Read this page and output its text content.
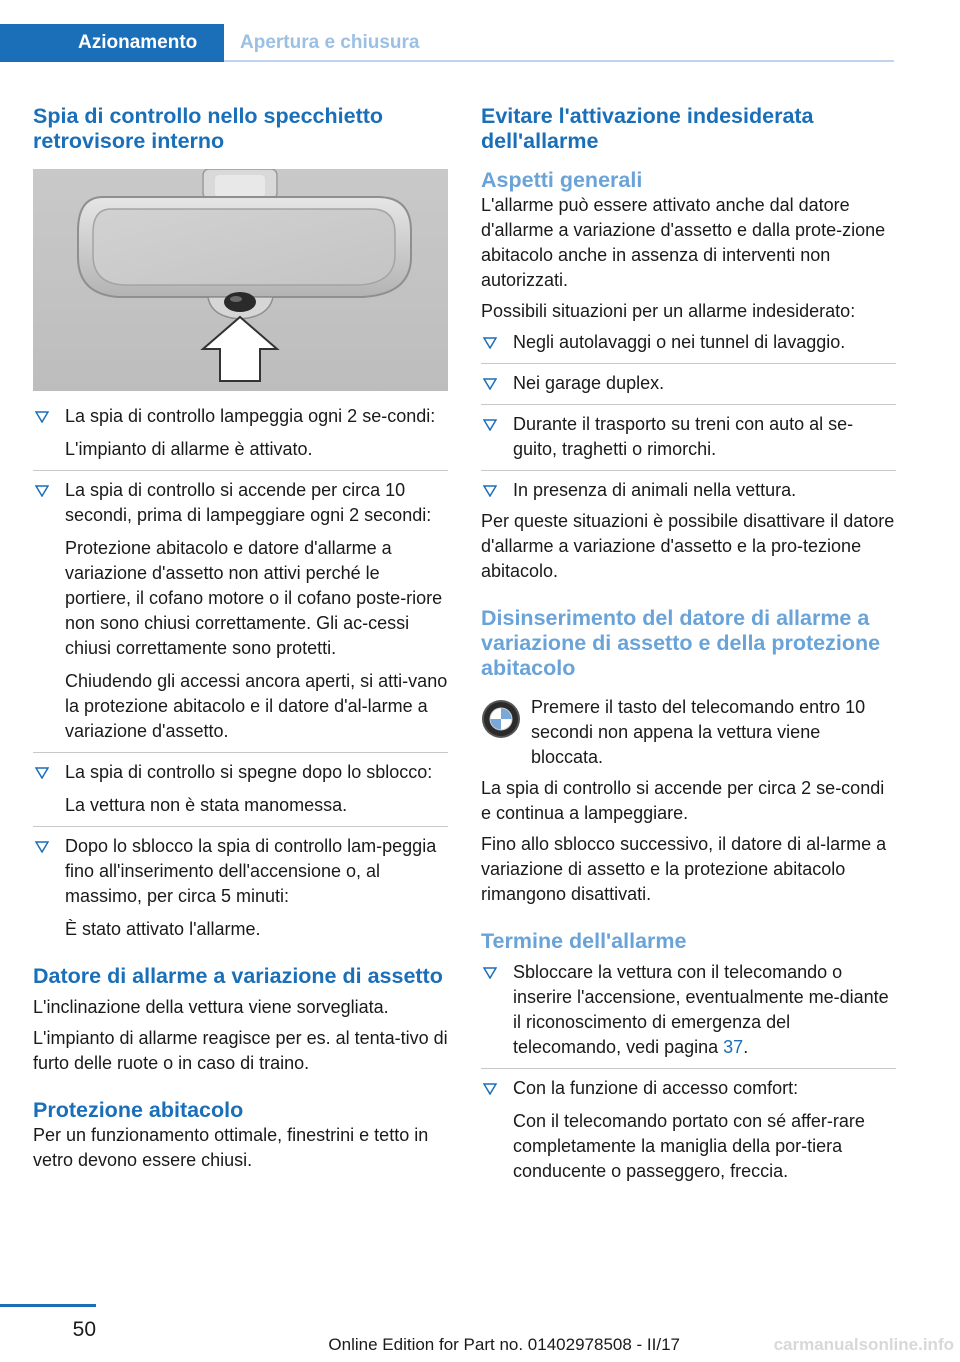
Azionamento	Apertura e chiusura
Spia di controllo nello specchietto retrovisore interno

La spia di controllo lampeggia ogni 2 se-condi:

L'impianto di allarme è attivato.

La spia di controllo si accende per circa 10 secondi, prima di lampeggiare ogni 2 secondi:

Protezione abitacolo e datore d'allarme a variazione d'assetto non attivi perché le portiere, il cofano motore o il cofano poste-riore non sono chiusi correttamente. Gli ac-cessi chiusi correttamente sono protetti.

Chiudendo gli accessi ancora aperti, si atti-vano la protezione abitacolo e il datore d'al-larme a variazione d'assetto.

La spia di controllo si spegne dopo lo sblocco:

La vettura non è stata manomessa.

Dopo lo sblocco la spia di controllo lam-peggia fino all'inserimento dell'accensione o, al massimo, per circa 5 minuti:

È stato attivato l'allarme.

Datore di allarme a variazione di assetto

L'inclinazione della vettura viene sorvegliata.

L'impianto di allarme reagisce per es. al tenta-tivo di furto delle ruote o in caso di traino.

Protezione abitacolo

Per un funzionamento ottimale, finestrini e tetto in vetro devono essere chiusi.

Evitare l'attivazione indesiderata dell'allarme
Aspetti generali

L'allarme può essere attivato anche dal datore d'allarme a variazione d'assetto e dalla prote-zione abitacolo anche in assenza di interventi non autorizzati.

Possibili situazioni per un allarme indesiderato:

Negli autolavaggi o nei tunnel di lavaggio.

Nei garage duplex.

Durante il trasporto su treni con auto al se-guito, traghetti o rimorchi.

In presenza di animali nella vettura.

Per queste situazioni è possibile disattivare il datore d'allarme a variazione d'assetto e la pro-tezione abitacolo.

Disinserimento del datore di allarme a variazione di assetto e della protezione abitacolo

Premere il tasto del telecomando entro 10 secondi non appena la vettura viene bloccata.

La spia di controllo si accende per circa 2 se-condi e continua a lampeggiare.

Fino allo sblocco successivo, il datore di al-larme a variazione di assetto e la protezione abitacolo rimangono disattivati.

Termine dell'allarme

Sbloccare la vettura con il telecomando o inserire l'accensione, eventualmente me-diante il riconoscimento di emergenza del telecomando, vedi pagina 37.

Con la funzione di accesso comfort:

Con il telecomando portato con sé affer-rare completamente la maniglia della por-tiera conducente o passeggero, freccia.

50
Online Edition for Part no. 01402978508 - II/17	carmanualsonline.info
